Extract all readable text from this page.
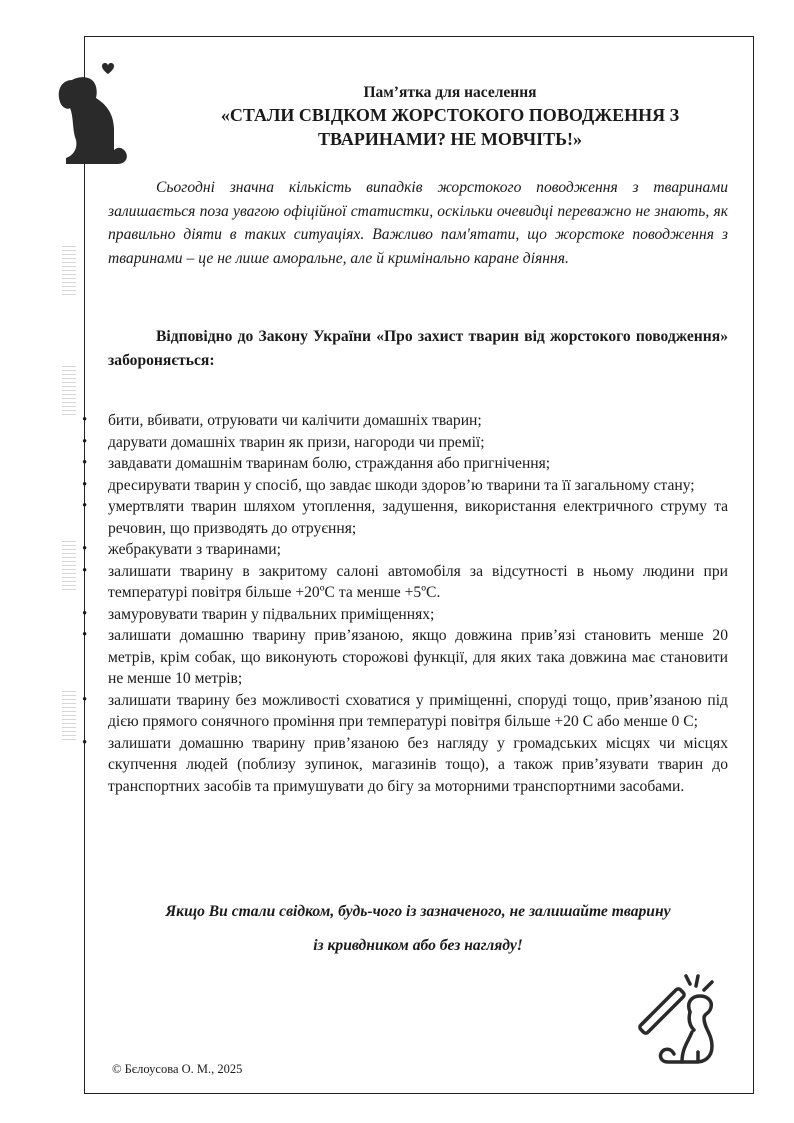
Пам’ятка для населення
«СТАЛИ СВІДКОМ ЖОРСТОКОГО ПОВОДЖЕННЯ З
ТВАРИНАМИ? НЕ МОВЧІТЬ!»

Сьогодні значна кількість випадків жорстокого поводження з тваринами залишається поза увагою офіційної статистки, оскільки очевидці переважно не знають, як правильно діяти в таких ситуаціях. Важливо пам'ятати, що жорстоке поводження з тваринами – це не лише аморальне, але й кримінально каране діяння.

Відповідно до Закону України «Про захист тварин від жорстокого поводження» забороняється:

• бити, вбивати, отруювати чи калічити домашніх тварин;
• дарувати домашніх тварин як призи, нагороди чи премії;
• завдавати домашнім тваринам болю, страждання або пригнічення;
• дресирувати тварин у спосіб, що завдає шкоди здоров’ю тварини та її загальному стану;
• умертвляти тварин шляхом утоплення, задушення, використання електричного струму та речовин, що призводять до отруєння;
• жебракувати з тваринами;
• залишати тварину в закритому салоні автомобіля за відсутності в ньому людини при температурі повітря більше +20ºС та менше +5ºС.
• замуровувати тварин у підвальних приміщеннях;
• залишати домашню тварину прив’язаною, якщо довжина прив’язі становить менше 20 метрів, крім собак, що виконують сторожові функції, для яких така довжина має становити не менше 10 метрів;
• залишати тварину без можливості сховатися у приміщенні, споруді тощо, прив’язаною під дією прямого сонячного проміння при температурі повітря більше +20 С або менше 0 С;
• залишати домашню тварину прив’язаною без нагляду у громадських місцях чи місцях скупчення людей (поблизу зупинок, магазинів тощо), а також прив’язувати тварин до транспортних засобів та примушувати до бігу за моторними транспортними засобами.
Якщо Ви стали свідком, будь-чого із зазначеного, не залишайте тварину
із кривдником або без нагляду!
© Бєлоусова О. М., 2025
